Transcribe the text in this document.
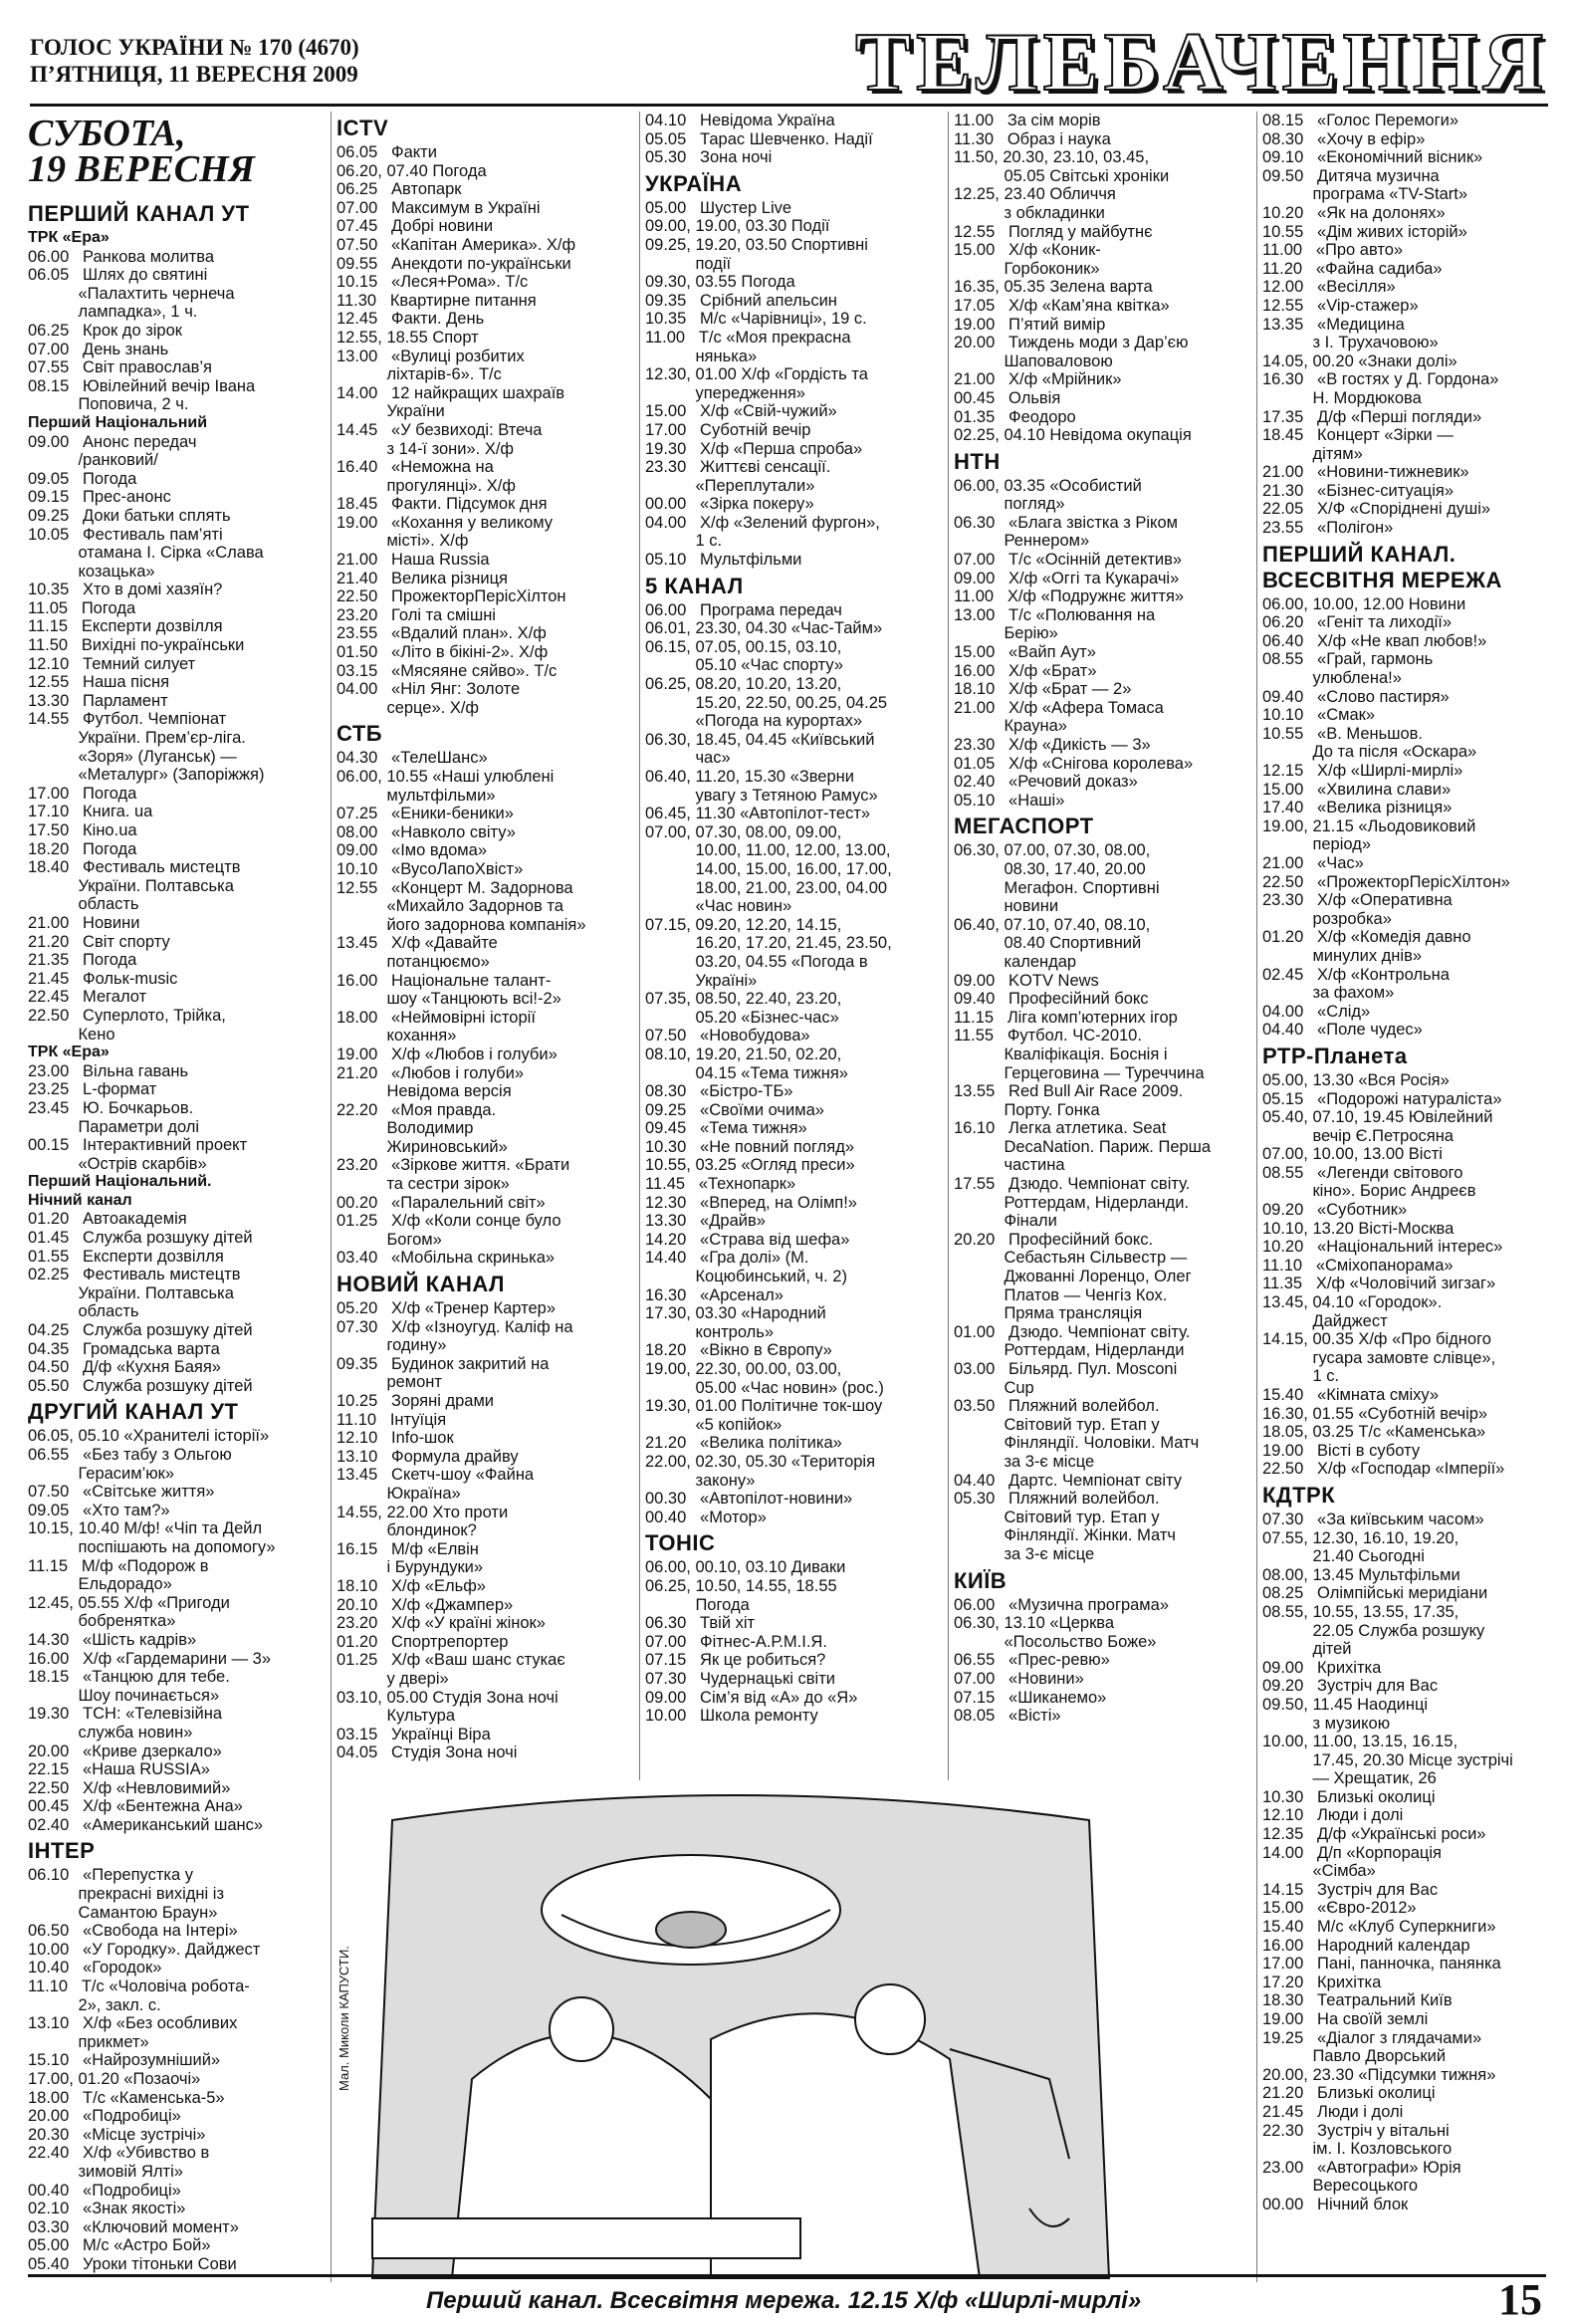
ГОЛОС УКРАЇНИ № 170 (4670)
П’ЯТНИЦЯ, 11 ВЕРЕСНЯ 2009	ТЕЛЕБАЧЕННЯ
СУБОТА,
19 ВЕРЕСНЯ
ПЕРШИЙ КАНАЛ УТ
ТРК «Ера»
06.00   Ранкова молитва
06.05   Шлях до святині
«Палахтить чернеча
лампадка», 1 ч.
06.25   Крок до зірок
07.00   День знань
07.55   Світ православ’я
08.15   Ювілейний вечір Івана
Поповича, 2 ч.
Перший Національний
09.00   Анонс передач
/ранковий/
09.05   Погода
09.15   Прес-анонс
09.25   Доки батьки сплять
10.05   Фестиваль пам’яті
отамана І. Сірка «Слава
козацька»
10.35   Хто в домі хазяїн?
11.05   Погода
11.15   Експерти дозвілля
11.50   Вихідні по-українськи
12.10   Темний силует
12.55   Наша пісня
13.30   Парламент
14.55   Футбол. Чемпіонат
України. Прем’єр-ліга.
«Зоря» (Луганськ) —
«Металург» (Запоріжжя)
17.00   Погода
17.10   Книга. ua
17.50   Кіно.ua
18.20   Погода
18.40   Фестиваль мистецтв
України. Полтавська
область
21.00   Новини
21.20   Світ спорту
21.35   Погода
21.45   Фольк-music
22.45   Мегалот
22.50   Суперлото, Трійка,
Кено
ТРК «Ера»
23.00   Вільна гавань
23.25   L-формат
23.45   Ю. Бочкарьов.
Параметри долі
00.15   Інтерактивний проект
«Острів скарбів»
Перший Національний.
Нічний канал
01.20   Автоакадемія
01.45   Служба розшуку дітей
01.55   Експерти дозвілля
02.25   Фестиваль мистецтв
України. Полтавська
область
04.25   Служба розшуку дітей
04.35   Громадська варта
04.50   Д/ф «Кухня Баяя»
05.50   Служба розшуку дітей
ДРУГИЙ КАНАЛ УТ
06.05, 05.10 «Хранителі історії»
06.55   «Без табу з Ольгою
Герасим’юк»
07.50   «Світське життя»
09.05   «Хто там?»
10.15, 10.40 М/ф! «Чіп та Дейл
поспішають на допомогу»
11.15   М/ф «Подорож в
Ельдорадо»
12.45, 05.55 Х/ф «Пригоди
бобренятка»
14.30   «Шість кадрів»
16.00   Х/ф «Гардемарини — 3»
18.15   «Танцюю для тебе.
Шоу починається»
19.30   ТСН: «Телевізійна
служба новин»
20.00   «Криве дзеркало»
22.15   «Наша RUSSIA»
22.50   Х/ф «Невловимий»
00.45   Х/ф «Бентежна Ана»
02.40   «Американський шанс»
ІНТЕР
06.10   «Перепустка у
прекрасні вихідні із
Самантою Браун»
06.50   «Свобода на Інтері»
10.00   «У Городку». Дайджест
10.40   «Городок»
11.10   Т/с «Чоловіча робота-
2», закл. с.
13.10   Х/ф «Без особливих
прикмет»
15.10   «Найрозумніший»
17.00, 01.20 «Позаочі»
18.00   Т/с «Каменська-5»
20.00   «Подробиці»
20.30   «Місце зустрічі»
22.40   Х/ф «Убивство в
зимовій Ялті»
00.40   «Подробиці»
02.10   «Знак якості»
03.30   «Ключовий момент»
05.00   М/с «Астро Бой»
05.40   Уроки тітоньки Сови
ICTV
06.05   Факти
06.20, 07.40 Погода
06.25   Автопарк
07.00   Максимум в Україні
07.45   Добрі новини
07.50   «Капітан Америка». Х/ф
09.55   Анекдоти по-українськи
10.15   «Леся+Рома». Т/с
11.30   Квартирне питання
12.45   Факти. День
12.55, 18.55 Спорт
13.00   «Вулиці розбитих
ліхтарів-6». Т/с
14.00   12 найкращих шахраїв
України
14.45   «У безвиході: Втеча
з 14-ї зони». Х/ф
16.40   «Неможна на
прогулянці». Х/ф
18.45   Факти. Підсумок дня
19.00   «Кохання у великому
місті». Х/ф
21.00   Наша Russia
21.40   Велика різниця
22.50   ПрожекторПерісХілтон
23.20   Голі та смішні
23.55   «Вдалий план». Х/ф
01.50   «Літо в бікіні-2». Х/ф
03.15   «Мясяяне сяйво». Т/с
04.00   «Ніл Янг: Золоте
серце». Х/ф
СТБ
04.30   «ТелеШанс»
06.00, 10.55 «Наші улюблені
мультфільми»
07.25   «Еники-беники»
08.00   «Навколо світу»
09.00   «Імо вдома»
10.10   «ВусоЛапоХвіст»
12.55   «Концерт М. Задорнова
«Михайло Задорнов та
його задорнова компанія»
13.45   Х/ф «Давайте
потанцюємо»
16.00   Національне талант-
шоу «Танцюють всі!-2»
18.00   «Неймовірні історії
кохання»
19.00   Х/ф «Любов і голуби»
21.20   «Любов і голуби»
Невідома версія
22.20   «Моя правда.
Володимир
Жириновський»
23.20   «Зіркове життя. «Брати
та сестри зірок»
00.20   «Паралельний світ»
01.25   Х/ф «Коли сонце було
Богом»
03.40   «Мобільна скринька»
НОВИЙ КАНАЛ
05.20   Х/ф «Тренер Картер»
07.30   Х/ф «Ізноугуд. Каліф на
годину»
09.35   Будинок закритий на
ремонт
10.25   Зоряні драми
11.10   Інтуїція
12.10   Info-шок
13.10   Формула драйву
13.45   Скетч-шоу «Файна
Юкраїна»
14.55, 22.00 Хто проти
блондинок?
16.15   М/ф «Елвін
і Бурундуки»
18.10   Х/ф «Ельф»
20.10   Х/ф «Джампер»
23.20   Х/ф «У країні жінок»
01.20   Спортрепортер
01.25   Х/ф «Ваш шанс стукає
у двері»
03.10, 05.00 Студія Зона ночі
Культура
03.15   Українці Віра
04.05   Студія Зона ночі
04.10   Невідома Україна
05.05   Тарас Шевченко. Надії
05.30   Зона ночі
УКРАЇНА
05.00   Шустер Live
09.00, 19.00, 03.30 Події
09.25, 19.20, 03.50 Спортивні
події
09.30, 03.55 Погода
09.35   Срібний апельсин
10.35   М/с «Чарівниці», 19 с.
11.00   Т/с «Моя прекрасна
нянька»
12.30, 01.00 Х/ф «Гордість та
упередження»
15.00   Х/ф «Свій-чужий»
17.00   Суботній вечір
19.30   Х/ф «Перша спроба»
23.30   Життєві сенсації.
«Переплутали»
00.00   «Зірка покеру»
04.00   Х/ф «Зелений фургон»,
1 с.
05.10   Мультфільми
5 КАНАЛ
06.00   Програма передач
06.01, 23.30, 04.30 «Час-Тайм»
06.15, 07.05, 00.15, 03.10,
05.10 «Час спорту»
06.25, 08.20, 10.20, 13.20,
15.20, 22.50, 00.25, 04.25
«Погода на курортах»
06.30, 18.45, 04.45 «Київський
час»
06.40, 11.20, 15.30 «Зверни
увагу з Тетяною Рамус»
06.45, 11.30 «Автопілот-тест»
07.00, 07.30, 08.00, 09.00,
10.00, 11.00, 12.00, 13.00,
14.00, 15.00, 16.00, 17.00,
18.00, 21.00, 23.00, 04.00
«Час новин»
07.15, 09.20, 12.20, 14.15,
16.20, 17.20, 21.45, 23.50,
03.20, 04.55 «Погода в
Україні»
07.35, 08.50, 22.40, 23.20,
05.20 «Бізнес-час»
07.50   «Новобудова»
08.10, 19.20, 21.50, 02.20,
04.15 «Тема тижня»
08.30   «Бістро-ТБ»
09.25   «Своїми очима»
09.45   «Тема тижня»
10.30   «Не повний погляд»
10.55, 03.25 «Огляд преси»
11.45   «Технопарк»
12.30   «Вперед, на Олімп!»
13.30   «Драйв»
14.20   «Страва від шефа»
14.40   «Гра долі» (М.
Коцюбинський, ч. 2)
16.30   «Арсенал»
17.30, 03.30 «Народний
контроль»
18.20   «Вікно в Європу»
19.00, 22.30, 00.00, 03.00,
05.00 «Час новин» (рос.)
19.30, 01.00 Політичне ток-шоу
«5 копійок»
21.20   «Велика політика»
22.00, 02.30, 05.30 «Територія
закону»
00.30   «Автопілот-новини»
00.40   «Мотор»
ТОНІС
06.00, 00.10, 03.10 Диваки
06.25, 10.50, 14.55, 18.55
Погода
06.30   Твій хіт
07.00   Фітнес-А.Р.М.І.Я.
07.15   Як це робиться?
07.30   Чудернацькі світи
09.00   Сім’я від «А» до «Я»
10.00   Школа ремонту
11.00   За сім морів
11.30   Образ і наука
11.50, 20.30, 23.10, 03.45,
05.05 Світські хроніки
12.25, 23.40 Обличчя
з обкладинки
12.55   Погляд у майбутнє
15.00   Х/ф «Коник-
Горбоконик»
16.35, 05.35 Зелена варта
17.05   Х/ф «Кам’яна квітка»
19.00   П’ятий вимір
20.00   Тиждень моди з Дар’єю
Шаповаловою
21.00   Х/ф «Мрійник»
00.45   Ольвія
01.35   Феодоро
02.25, 04.10 Невідома окупація
НТН
06.00, 03.35 «Особистий
погляд»
06.30   «Блага звістка з Ріком
Реннером»
07.00   Т/с «Осінній детектив»
09.00   Х/ф «Оггі та Кукарачі»
11.00   Х/ф «Подружнє життя»
13.00   Т/с «Полювання на
Берію»
15.00   «Вайп Аут»
16.00   Х/ф «Брат»
18.10   Х/ф «Брат — 2»
21.00   Х/ф «Афера Томаса
Крауна»
23.30   Х/ф «Дикість — 3»
01.05   Х/ф «Снігова королева»
02.40   «Речовий доказ»
05.10   «Наші»
МЕГАСПОРТ
06.30, 07.00, 07.30, 08.00,
08.30, 17.40, 20.00
Мегафон. Спортивні
новини
06.40, 07.10, 07.40, 08.10,
08.40 Спортивний
календар
09.00   KOTV News
09.40   Професійний бокс
11.15   Ліга комп’ютерних ігор
11.55   Футбол. ЧС-2010.
Кваліфікація. Боснія і
Герцеговина — Туреччина
13.55   Red Bull Air Race 2009.
Порту. Гонка
16.10   Легка атлетика. Seat
DecaNation. Париж. Перша
частина
17.55   Дзюдо. Чемпіонат світу.
Роттердам, Нідерланди.
Фінали
20.20   Професійний бокс.
Себастьян Сільвестр —
Джованні Лоренцо, Олег
Платов — Ченгіз Кох.
Пряма трансляція
01.00   Дзюдо. Чемпіонат світу.
Роттердам, Нідерланди
03.00   Більярд. Пул. Mosconi
Cup
03.50   Пляжний волейбол.
Світовий тур. Етап у
Фінляндії. Чоловіки. Матч
за 3-є місце
04.40   Дартс. Чемпіонат світу
05.30   Пляжний волейбол.
Світовий тур. Етап у
Фінляндії. Жінки. Матч
за 3-є місце
КИЇВ
06.00   «Музична програма»
06.30, 13.10 «Церква
«Посольство Боже»
06.55   «Прес-ревю»
07.00   «Новини»
07.15   «Шиканемо»
08.05   «Вісті»
08.15   «Голос Перемоги»
08.30   «Хочу в ефір»
09.10   «Економічний вісник»
09.50   Дитяча музична
програма «TV-Start»
10.20   «Як на долонях»
10.55   «Дім живих історій»
11.00   «Про авто»
11.20   «Файна садиба»
12.00   «Весілля»
12.55   «Vip-стажер»
13.35   «Медицина
з І. Трухачовою»
14.05, 00.20 «Знаки долі»
16.30   «В гостях у Д. Гордона»
Н. Мордюкова
17.35   Д/ф «Перші погляди»
18.45   Концерт «Зірки —
дітям»
21.00   «Новини-тижневик»
21.30   «Бізнес-ситуація»
22.05   Х/Ф «Споріднені душі»
23.55   «Полігон»
ПЕРШИЙ КАНАЛ.
ВСЕСВІТНЯ МЕРЕЖА
06.00, 10.00, 12.00 Новини
06.20   «Геніт та лиходії»
06.40   Х/ф «Не квап любов!»
08.55   «Грай, гармонь
улюблена!»
09.40   «Слово пастиря»
10.10   «Смак»
10.55   «В. Меньшов.
До та після «Оскара»
12.15   Х/ф «Ширлі-мирлі»
15.00   «Хвилина слави»
17.40   «Велика різниця»
19.00, 21.15 «Льодовиковий
період»
21.00   «Час»
22.50   «ПрожекторПерісХілтон»
23.30   Х/ф «Оперативна
розробка»
01.20   Х/ф «Комедія давно
минулих днів»
02.45   Х/ф «Контрольна
за фахом»
04.00   «Слід»
04.40   «Поле чудес»
РТР-Планета
05.00, 13.30 «Вся Росія»
05.15   «Подорожі натураліста»
05.40, 07.10, 19.45 Ювілейний
вечір Є.Петросяна
07.00, 10.00, 13.00 Вісті
08.55   «Легенди світового
кіно». Борис Андреєв
09.20   «Суботник»
10.10, 13.20 Вісті-Москва
10.20   «Національний інтерес»
11.10   «Сміхопанорама»
11.35   Х/ф «Чоловічий зигзаг»
13.45, 04.10 «Городок».
Дайджест
14.15, 00.35 Х/ф «Про бідного
гусара замовте слівце»,
1 с.
15.40   «Кімната сміху»
16.30, 01.55 «Суботній вечір»
18.05, 03.25 Т/с «Каменська»
19.00   Вісті в суботу
22.50   Х/ф «Господар «Імперії»
КДТРК
07.30   «За київським часом»
07.55, 12.30, 16.10, 19.20,
21.40 Сьогодні
08.00, 13.45 Мультфільми
08.25   Олімпійські меридіани
08.55, 10.55, 13.55, 17.35,
22.05 Служба розшуку
дітей
09.00   Крихітка
09.20   Зустріч для Вас
09.50, 11.45 Наодинці
з музикою
10.00, 11.00, 13.15, 16.15,
17.45, 20.30 Місце зустрічі
— Хрещатик, 26
10.30   Близькі околиці
12.10   Люди і долі
12.35   Д/ф «Українські роси»
14.00   Д/п «Корпорація
«Сімба»
14.15   Зустріч для Вас
15.00   «Євро-2012»
15.40   М/с «Клуб Суперкниги»
16.00   Народний календар
17.00   Пані, панночка, панянка
17.20   Крихітка
18.30   Театральний Київ
19.00   На своїй землі
19.25   «Діалог з глядачами»
Павло Дворський
20.00, 23.30 «Підсумки тижня»
21.20   Близькі околиці
21.45   Люди і долі
22.30   Зустріч у вітальні
ім. І. Козловського
23.00   «Автографи» Юрія
Вересоцького
00.00   Нічний блок
Мал. Миколи КАПУСТИ.
Перший канал. Всесвітня мережа. 12.15 Х/ф «Ширлі-мирлі»	15
